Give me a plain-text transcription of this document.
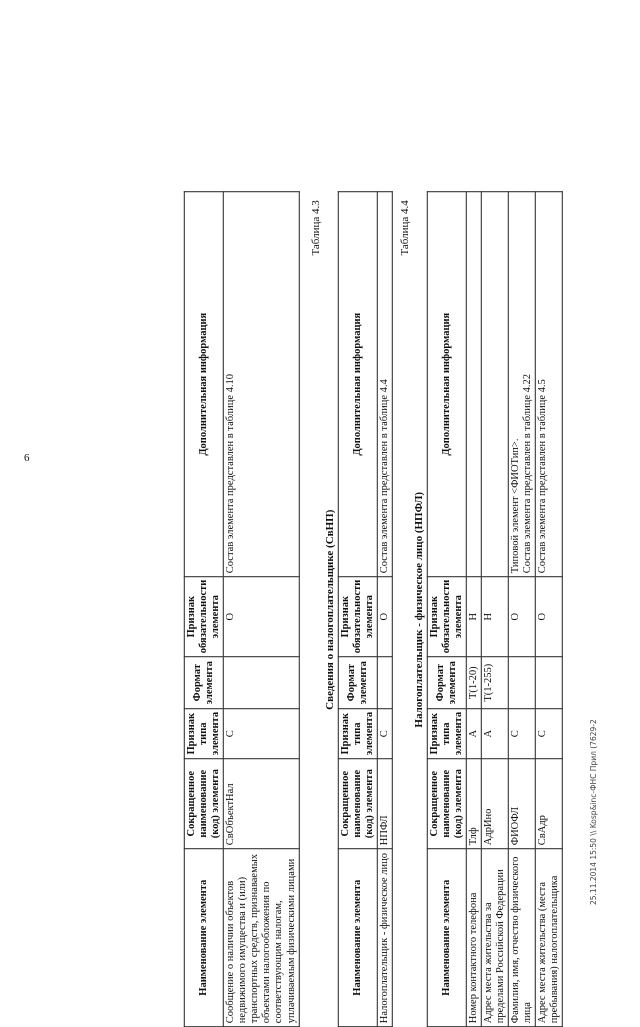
6
Наименование элемента	Сокращенное наименование (код) элемента	Признак типа элемента	Формат элемента	Признак обязательности элемента	Дополнительная информация
Сообщение о наличии объектов недвижимого имущества и (или) транспортных средств, признаваемых объектами налогообложения по соответствующим налогам, уплачиваемым физическими лицами	СвОбъектНал	С		О	Состав элемента представлен в таблице 4.10
Таблица 4.3
Сведения о налогоплательщике (СвНП)
Наименование элемента	Сокращенное наименование (код) элемента	Признак типа элемента	Формат элемента	Признак обязательности элемента	Дополнительная информация
Налогоплательщик - физическое лицо	НПФЛ	С		О	Состав элемента представлен в таблице 4.4
Таблица 4.4
Налогоплательщик - физическое лицо (НПФЛ)
Наименование элемента	Сокращенное наименование (код) элемента	Признак типа элемента	Формат элемента	Признак обязательности элемента	Дополнительная информация
Номер контактного телефона	Тлф	А	Т(1-20)	Н	
Адрес места жительства за пределами Российской Федерации	АдрИно	А	Т(1-255)	Н	
Фамилия, имя, отчество физического лица	ФИОФЛ	С		О	Типовой элемент <ФИОТип>.
Состав элемента представлен в таблице 4.22
Адрес места жительства (места пребывания) налогоплательщика	СвАдр	С		О	Состав элемента представлен в таблице 4.5
25.11.2014 15:50 \\ Kosp&inc-ФНС Прил (7629-2
